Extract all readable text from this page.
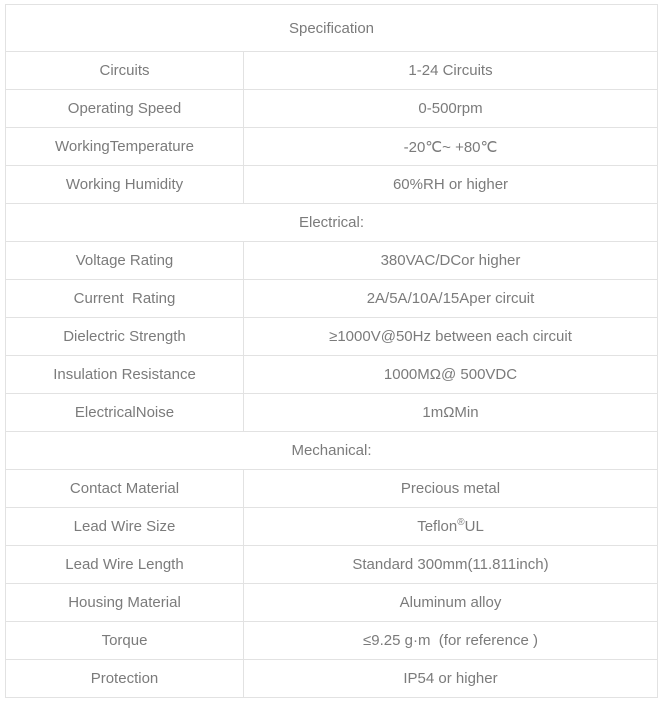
Specification	
Circuits	1-24 Circuits
Operating Speed	0-500rpm
WorkingTemperature	-20℃~ +80℃
Working Humidity	60%RH or higher
Electrical:	
Voltage Rating	380VAC/DCor higher
Current  Rating	2A/5A/10A/15Aper circuit
Dielectric Strength	≥1000V@50Hz between each circuit
Insulation Resistance	1000MΩ@ 500VDC
ElectricalNoise	1mΩMin
Mechanical:	
Contact Material	Precious metal
Lead Wire Size	Teflon®UL
Lead Wire Length	Standard 300mm(11.811inch)
Housing Material	Aluminum alloy
Torque	≤9.25 g·m  (for reference )
Protection	IP54 or higher
